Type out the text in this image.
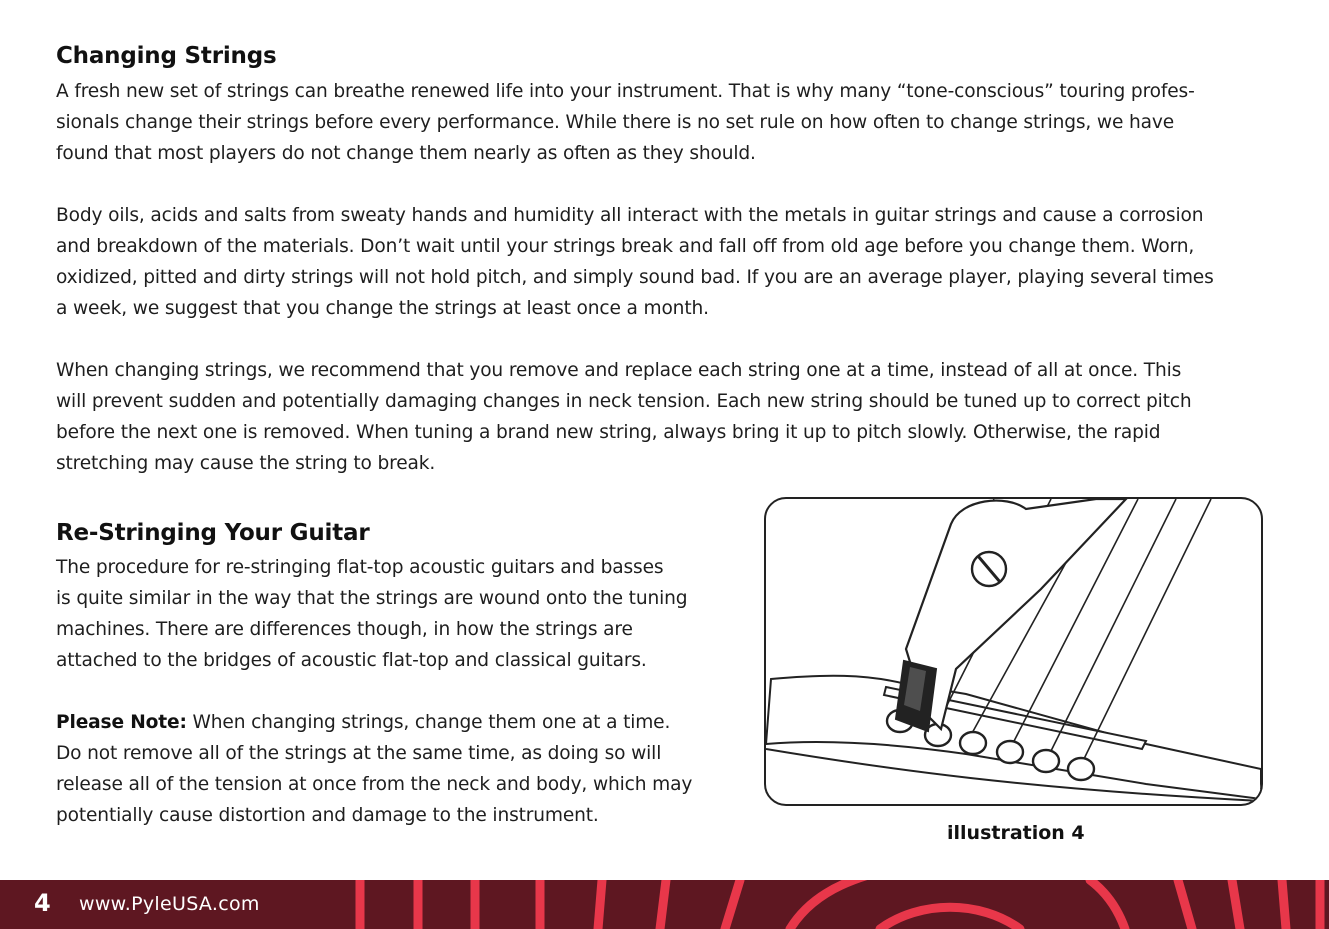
Changing Strings

A fresh new set of strings can breathe renewed life into your instrument. That is why many “tone-conscious” touring profes-
sionals change their strings before every performance. While there is no set rule on how often to change strings, we have
found that most players do not change them nearly as often as they should.

Body oils, acids and salts from sweaty hands and humidity all interact with the metals in guitar strings and cause a corrosion
and breakdown of the materials. Don’t wait until your strings break and fall off from old age before you change them. Worn,
oxidized, pitted and dirty strings will not hold pitch, and simply sound bad. If you are an average player, playing several times
a week, we suggest that you change the strings at least once a month.

When changing strings, we recommend that you remove and replace each string one at a time, instead of all at once. This
will prevent sudden and potentially damaging changes in neck tension. Each new string should be tuned up to correct pitch
before the next one is removed. When tuning a brand new string, always bring it up to pitch slowly. Otherwise, the rapid
stretching may cause the string to break.

Re-Stringing Your Guitar

The procedure for re-stringing flat-top acoustic guitars and basses
is quite similar in the way that the strings are wound onto the tuning
machines. There are differences though, in how the strings are
attached to the bridges of acoustic flat-top and classical guitars.

Please Note: When changing strings, change them one at a time.
Do not remove all of the strings at the same time, as doing so will
release all of the tension at once from the neck and body, which may
potentially cause distortion and damage to the instrument.

illustration 4

4 www.PyleUSA.com
